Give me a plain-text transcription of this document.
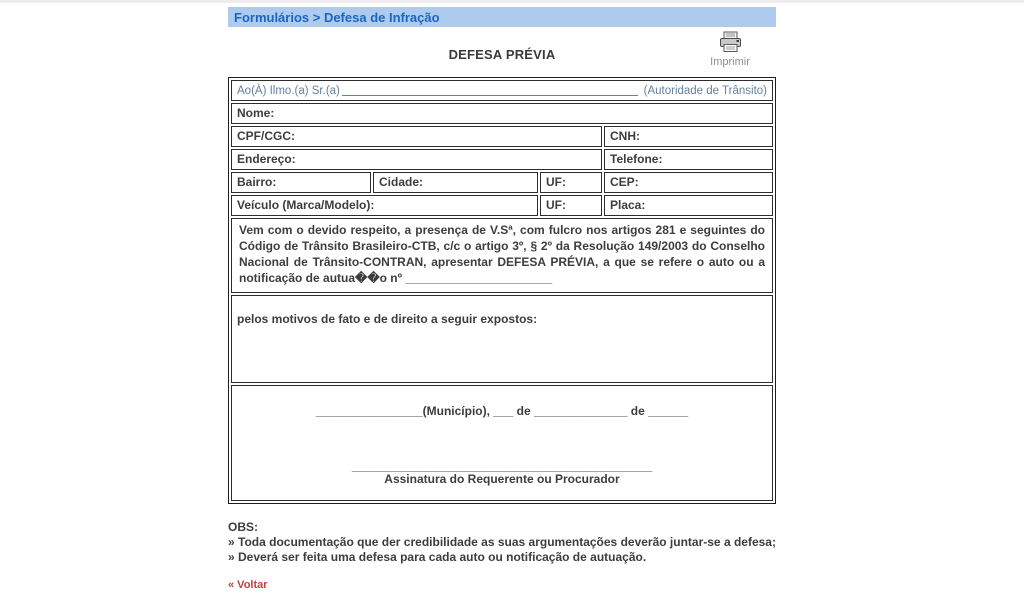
Formulários > Defesa de Infração
DEFESA PRÉVIA	Imprimir
Ao(À) Ilmo.(a) Sr.(a)	(Autoridade de Trânsito)
Nome:
CPF/CGC:	CNH:
Endereço:	Telefone:
Bairro:	Cidade:	UF:	CEP:
Veículo (Marca/Modelo):	UF:	Placa:
Vem com o devido respeito, a presença de V.Sª, com fulcro nos artigos 281 e seguintes do Código de Trânsito Brasileiro-CTB, c/c o artigo 3º, § 2º da Resolução 149/2003 do Conselho Nacional de Trânsito-CONTRAN, apresentar DEFESA PRÉVIA, a que se refere o auto ou a notificação de autua��o nº ______________________
pelos motivos de fato e de direito a seguir expostos:
________________(Município), ___ de ______________ de ______
_____________________________________________
Assinatura do Requerente ou Procurador
OBS:
» Toda documentação que der credibilidade as suas argumentações deverão juntar-se a defesa;
» Deverá ser feita uma defesa para cada auto ou notificação de autuação.
« Voltar
